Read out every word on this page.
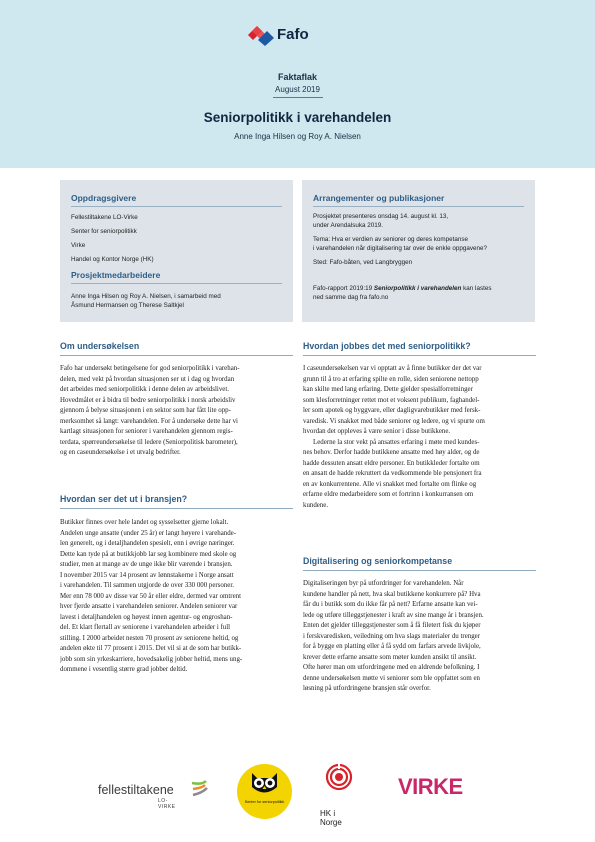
Fafo
Faktaflak
August 2019
Seniorpolitikk i varehandelen
Anne Inga Hilsen og Roy A. Nielsen
Oppdragsgivere

Fellestiltakene LO-Virke

Senter for seniorpolitikk

Virke

Handel og Kontor Norge (HK)

Prosjektmedarbeidere

Anne Inga Hilsen og Roy A. Nielsen, i samarbeid med

Åsmund Hermansen og Therese Saltkjel

Arrangementer og publikasjoner

Prosjektet presenteres onsdag 14. august kl. 13,

under Arendalsuka 2019.

Tema: Hva er verdien av seniorer og deres kompetanse

i varehandelen når digitalisering tar over de enkle oppgavene?

Sted: Fafo-båten, ved Langbryggen

Fafo-rapport 2019:19 Seniorpolitikk i varehandelen kan lastes

ned samme dag fra fafo.no

Om undersøkelsen
Fafo har undersøkt betingelsene for god seniorpolitikk i varehan-
delen, med vekt på hvordan situasjonen ser ut i dag og hvordan
det arbeides med seniorpolitikk i denne delen av arbeidslivet.
Hovedmålet er å bidra til bedre seniorpolitikk i norsk arbeidsliv
gjennom å belyse situasjonen i en sektor som har fått lite opp-
merksomhet så langt: varehandelen. For å undersøke dette har vi
kartlagt situasjonen for seniorer i varehandelen gjennom regis-
terdata, spørreundersøkelse til ledere (Seniorpolitisk barometer),
og en caseundersøkelse i et utvalg bedrifter.
Hvordan ser det ut i bransjen?
Butikker finnes over hele landet og sysselsetter gjerne lokalt.
Andelen unge ansatte (under 25 år) er langt høyere i varehande-
len generelt, og i detaljhandelen spesielt, enn i øvrige næringer.
Dette kan tyde på at butikkjobb lar seg kombinere med skole og
studier, men at mange av de unge ikke blir værende i bransjen.
I november 2015 var 14 prosent av lønnstakerne i Norge ansatt
i varehandelen. Til sammen utgjorde de over 330 000 personer.
Mer enn 78 000 av disse var 50 år eller eldre, dermed var omtrent
hver fjerde ansatte i varehandelen seniorer. Andelen seniorer var
lavest i detaljhandelen og høyest innen agentur- og engroshan-
del. Et klart flertall av seniorene i varehandelen arbeider i full
stilling. I 2000 arbeidet nesten 70 prosent av seniorene heltid, og
andelen økte til 77 prosent i 2015. Det vil si at de som har butikk-
jobb som sin yrkeskarriere, hovedsakelig jobber heltid, mens ung-
dommene i vesentlig større grad jobber deltid.
Hvordan jobbes det med seniorpolitikk?
I caseundersøkelsen var vi opptatt av å finne butikker der det var
grunn til å tro at erfaring spilte en rolle, siden seniorene nettopp
kan skilte med lang erfaring. Dette gjelder spesialforretninger
som klesforretninger rettet mot et voksent publikum, faghandel-
ler som apotek og byggvare, eller dagligvarebutikker med fersk-
varedisk. Vi snakket med både seniorer og ledere, og vi spurte om
hvordan det oppleves å være senior i disse butikkene.
Lederne la stor vekt på ansattes erfaring i møte med kundes-
nes behov. Derfor hadde butikkene ansatte med høy alder, og de
hadde dessuten ansatt eldre personer. En butikkleder fortalte om
en ansatt de hadde rekruttert da vedkommende ble pensjonert fra
en av konkurrentene. Alle vi snakket med fortalte om flinke og
erfarne eldre medarbeidere som et fortrinn i konkurransen om
kundene.
Digitalisering og seniorkompetanse
Digitaliseringen byr på utfordringer for varehandelen. Når
kundene handler på nett, hva skal butikkene konkurrere på? Hva
får du i butikk som du ikke får på nett? Erfarne ansatte kan vei-
lede og utføre tilleggstjenester i kraft av sine mange år i bransjen.
Enten det gjelder tilleggstjenester som å få filetert fisk du kjøper
i ferskvaredisken, veiledning om hva slags materialer du trenger
for å bygge en platting eller å få sydd om farfars arvede livkjole,
krever dette erfarne ansatte som møter kunden ansikt til ansikt.
Ofte hører man om utfordringene med en aldrende befolkning. I
denne undersøkelsen møtte vi seniorer som ble oppfattet som en
løsning på utfordringene bransjen står overfor.
fellestiltakene
LO-VIRKE
Senter for seniorpolitikk
HK i Norge
VIRKE
